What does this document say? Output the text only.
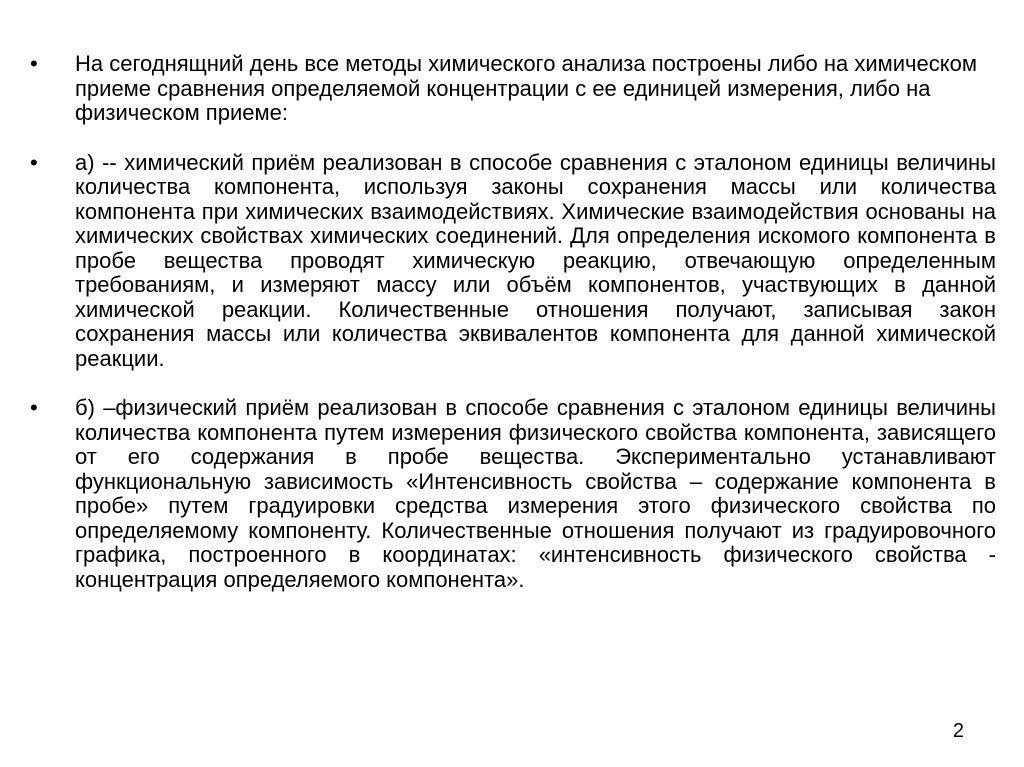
•	На сегоднящний день все методы химического анализа построены либо на химическом приеме сравнения определяемой концентрации с ее единицей измерения, либо на физическом приеме:
•	а) -- химический приём реализован в способе сравнения с эталоном единицы величины количества компонента, используя законы сохранения массы или количества компонента при химических взаимодействиях. Химические взаимодействия основаны на химических свойствах химических соединений. Для определения искомого компонента в пробе вещества проводят химическую реакцию, отвечающую определенным требованиям, и измеряют массу или объём компонентов, участвующих в данной химической реакции. Количественные отношения получают, записывая закон сохранения массы или количества эквивалентов компонента для данной химической реакции.
•	б) –физический приём реализован в способе сравнения с эталоном единицы величины количества компонента путем измерения физического свойства компонента, зависящего от его содержания в пробе вещества. Экспериментально устанавливают функциональную зависимость «Интенсивность свойства – содержание компонента в пробе» путем градуировки средства измерения этого физического свойства по определяемому компоненту. Количественные отношения получают из градуировочного графика, построенного в координатах: «интенсивность физического свойства - концентрация определяемого компонента».
2
